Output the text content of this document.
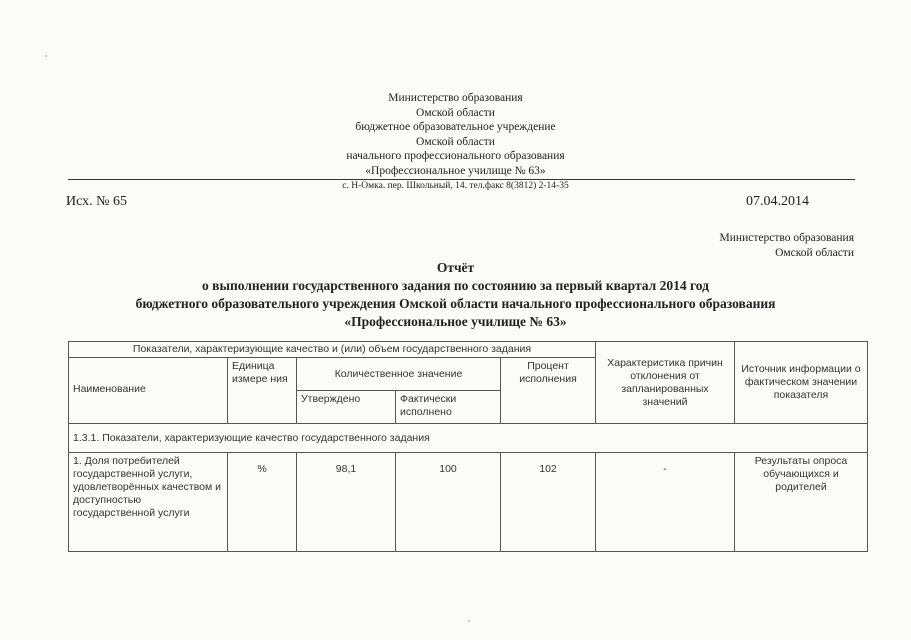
Министерство образования
Омской области
бюджетное образовательное учреждение
Омской области
начального профессионального образования
«Профессиональное училище № 63»
с. Н-Омка. пер. Школьный, 14. тел.факс 8(3812) 2-14-35
Исх. № 65	07.04.2014
Министерство образования
Омской области
Отчёт
о выполнении государственного задания по состоянию за первый квартал 2014 год
бюджетного образовательного учреждения Омской области начального профессионального образования
«Профессиональное училище № 63»
Показатели, характеризующие качество и (или) объем государственного задания					Характеристика причин отклонения от запланированных значений	Источник информации о фактическом значении показателя
Наименование	Единица измере ния	Количественное значение		Процент исполнения		
		Утверждено	Фактически исполнено			
1.3.1. Показатели, характеризующие качество государственного задания						
1. Доля потребителей государственной услуги, удовлетворённых качеством и доступностью государственной услуги	%	98,1	100	102	-	Результаты опроса обучающихся и родителей
